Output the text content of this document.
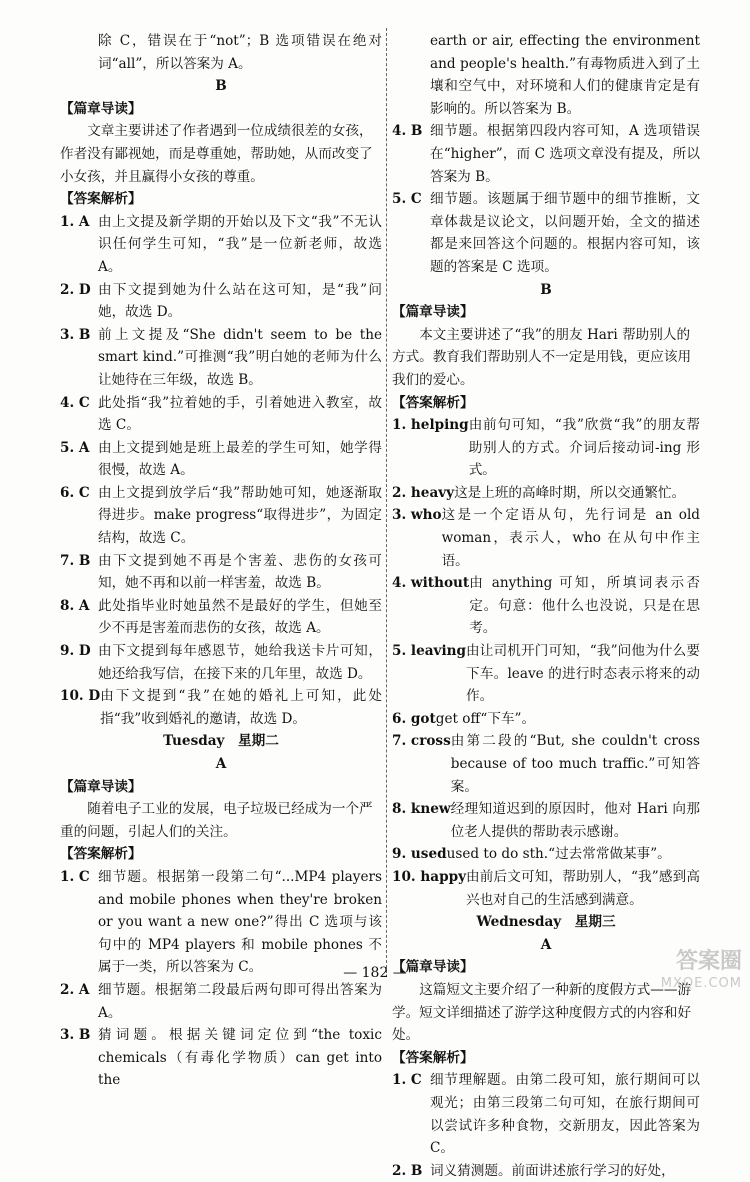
除 C，错误在于“not”；B 选项错误在绝对词“all”，所以答案为 A。

B

【篇章导读】

文章主要讲述了作者遇到一位成绩很差的女孩，作者没有鄙视她，而是尊重她，帮助她，从而改变了小女孩，并且赢得小女孩的尊重。

【答案解析】

1. A 由上文提及新学期的开始以及下文“我”不无认识任何学生可知，“我”是一位新老师，故选 A。
2. D 由下文提到她为什么站在这可知，是“我”问她，故选 D。
3. B 前上文提及“She didn't seem to be the smart kind.”可推测“我”明白她的老师为什么让她待在三年级，故选 B。
4. C 此处指“我”拉着她的手，引着她进入教室，故选 C。
5. A 由上文提到她是班上最差的学生可知，她学得很慢，故选 A。
6. C 由上文提到放学后“我”帮助她可知，她逐渐取得进步。make progress“取得进步”，为固定结构，故选 C。
7. B 由下文提到她不再是个害羞、悲伤的女孩可知，她不再和以前一样害羞，故选 B。
8. A 此处指毕业时她虽然不是最好的学生，但她至少不再是害羞而悲伤的女孩，故选 A。
9. D 由下文提到每年感恩节，她给我送卡片可知，她还给我写信，在接下来的几年里，故选 D。
10. D 由下文提到“我”在她的婚礼上可知，此处指“我”收到婚礼的邀请，故选 D。

Tuesday　星期二

A

【篇章导读】

随着电子工业的发展，电子垃圾已经成为一个严重的问题，引起人们的关注。

【答案解析】

1. C 细节题。根据第一段第二句“...MP4 players and mobile phones when they're broken or you want a new one?”得出 C 选项与该句中的 MP4 players 和 mobile phones 不属于一类，所以答案为 C。
2. A 细节题。根据第二段最后两句即可得出答案为 A。
3. B 猜词题。根据关键词定位到“the toxic chemicals（有毒化学物质）can get into the

earth or air, effecting the environment and people's health.”有毒物质进入到了土壤和空气中，对环境和人们的健康肯定是有影响的。所以答案为 B。

4. B 细节题。根据第四段内容可知，A 选项错误在“higher”，而 C 选项文章没有提及，所以答案为 B。
5. C 细节题。该题属于细节题中的细节推断，文章体裁是议论文，以问题开始，全文的描述都是来回答这个问题的。根据内容可知，该题的答案是 C 选项。

B

【篇章导读】

本文主要讲述了“我”的朋友 Hari 帮助别人的方式。教育我们帮助别人不一定是用钱，更应该用我们的爱心。

【答案解析】

1. helping 由前句可知，“我”欣赏“我”的朋友帮助别人的方式。介词后接动词-ing 形式。
2. heavy 这是上班的高峰时期，所以交通繁忙。
3. who 这是一个定语从句，先行词是 an old woman，表示人，who 在从句中作主语。
4. without 由 anything 可知，所填词表示否定。句意：他什么也没说，只是在思考。
5. leaving 由让司机开门可知，“我”问他为什么要下车。leave 的进行时态表示将来的动作。
6. got get off“下车”。
7. cross 由第二段的“But, she couldn't cross because of too much traffic.”可知答案。
8. knew 经理知道迟到的原因时，他对 Hari 向那位老人提供的帮助表示感谢。
9. used used to do sth.“过去常常做某事”。
10. happy 由前后文可知，帮助别人，“我”感到高兴也对自己的生活感到满意。

Wednesday　星期三

A

【篇章导读】

这篇短文主要介绍了一种新的度假方式——游学。短文详细描述了游学这种度假方式的内容和好处。

【答案解析】

1. C 细节理解题。由第二段可知，旅行期间可以观光；由第三段第二句可知，在旅行期间可以尝试许多种食物，交新朋友，因此答案为 C。
2. B 词义猜测题。前面讲述旅行学习的好处，
— 182 —	答案圈
MXQE.COM
